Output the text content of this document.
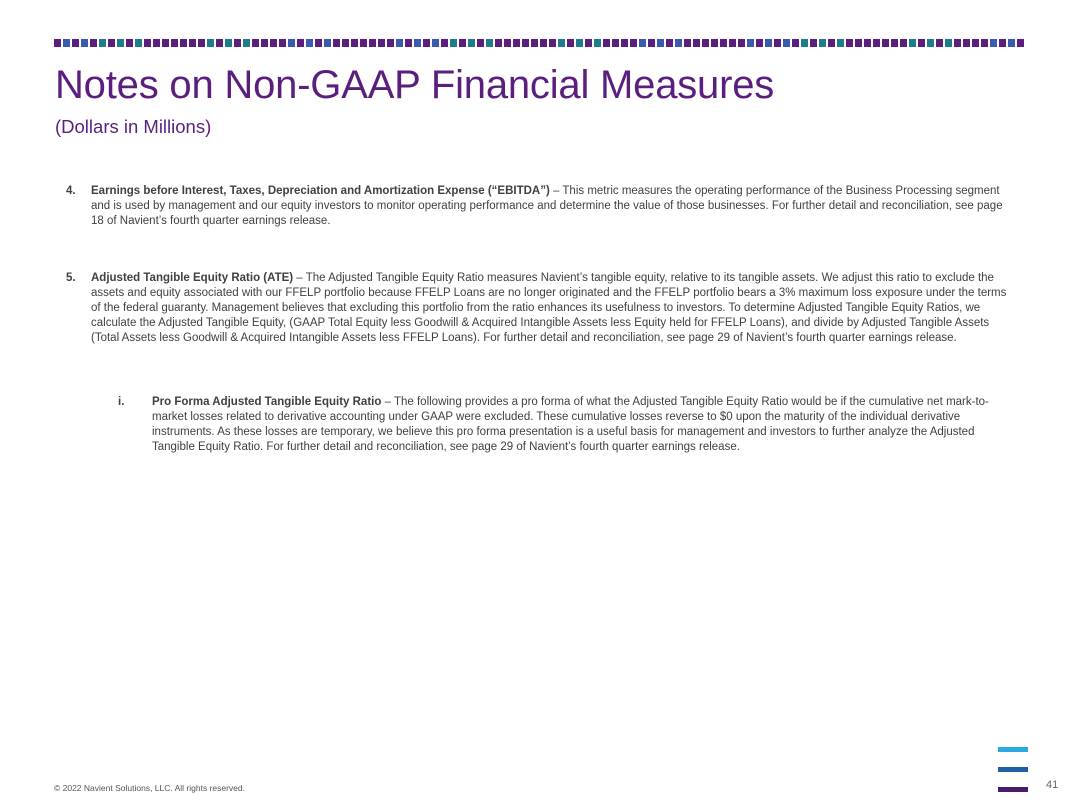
Notes on Non-GAAP Financial Measures

(Dollars in Millions)

4. Earnings before Interest, Taxes, Depreciation and Amortization Expense (“EBITDA”) – This metric measures the operating performance of the Business Processing segment and is used by management and our equity investors to monitor operating performance and determine the value of those businesses. For further detail and reconciliation, see page 18 of Navient’s fourth quarter earnings release.

5. Adjusted Tangible Equity Ratio (ATE) – The Adjusted Tangible Equity Ratio measures Navient’s tangible equity, relative to its tangible assets. We adjust this ratio to exclude the assets and equity associated with our FFELP portfolio because FFELP Loans are no longer originated and the FFELP portfolio bears a 3% maximum loss exposure under the terms of the federal guaranty. Management believes that excluding this portfolio from the ratio enhances its usefulness to investors. To determine Adjusted Tangible Equity Ratios, we calculate the Adjusted Tangible Equity, (GAAP Total Equity less Goodwill & Acquired Intangible Assets less Equity held for FFELP Loans), and divide by Adjusted Tangible Assets (Total Assets less Goodwill & Acquired Intangible Assets less FFELP Loans). For further detail and reconciliation, see page 29 of Navient’s fourth quarter earnings release.

i. Pro Forma Adjusted Tangible Equity Ratio – The following provides a pro forma of what the Adjusted Tangible Equity Ratio would be if the cumulative net mark-to-market losses related to derivative accounting under GAAP were excluded. These cumulative losses reverse to $0 upon the maturity of the individual derivative instruments. As these losses are temporary, we believe this pro forma presentation is a useful basis for management and investors to further analyze the Adjusted Tangible Equity Ratio. For further detail and reconciliation, see page 29 of Navient’s fourth quarter earnings release.

© 2022 Navient Solutions, LLC. All rights reserved.	41
